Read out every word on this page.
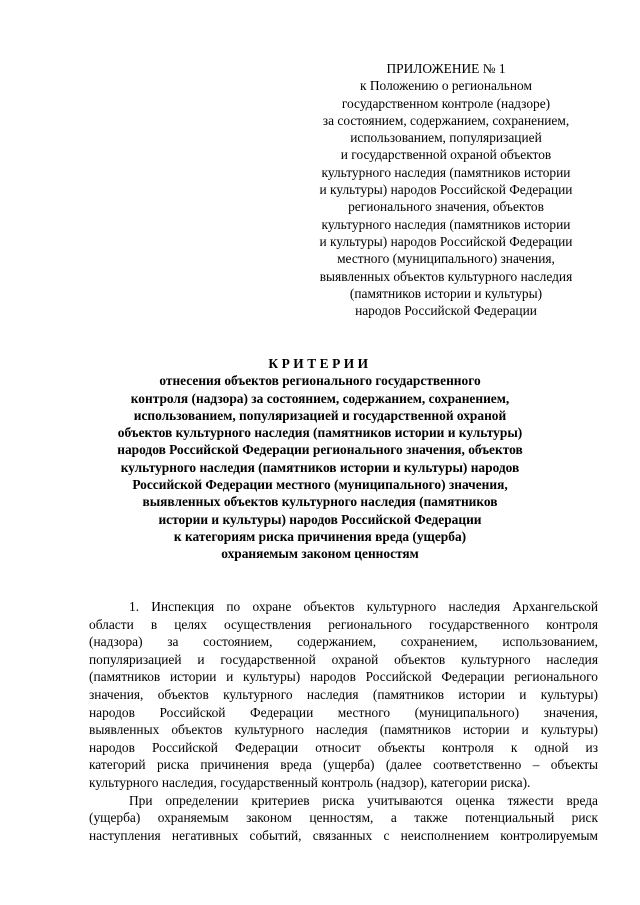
ПРИЛОЖЕНИЕ № 1
к Положению о региональном
государственном контроле (надзоре)
за состоянием, содержанием, сохранением,
использованием, популяризацией
и государственной охраной объектов
культурного наследия (памятников истории
и культуры) народов Российской Федерации
регионального значения, объектов
культурного наследия (памятников истории
и культуры) народов Российской Федерации
местного (муниципального) значения,
выявленных объектов культурного наследия
(памятников истории и культуры)
народов Российской Федерации
КРИТЕРИИ
отнесения объектов регионального государственного
контроля (надзора) за состоянием, содержанием, сохранением,
использованием, популяризацией и государственной охраной
объектов культурного наследия (памятников истории и культуры)
народов Российской Федерации регионального значения, объектов
культурного наследия (памятников истории и культуры) народов
Российской Федерации местного (муниципального) значения,
выявленных объектов культурного наследия (памятников
истории и культуры) народов Российской Федерации
к категориям риска причинения вреда (ущерба)
охраняемым законом ценностям
1. Инспекция по охране объектов культурного наследия Архангельской
области в целях осуществления регионального государственного контроля
(надзора) за состоянием, содержанием, сохранением, использованием,
популяризацией и государственной охраной объектов культурного наследия
(памятников истории и культуры) народов Российской Федерации регионального
значения, объектов культурного наследия (памятников истории и культуры)
народов Российской Федерации местного (муниципального) значения,
выявленных объектов культурного наследия (памятников истории и культуры)
народов Российской Федерации относит объекты контроля к одной из
категорий риска причинения вреда (ущерба) (далее соответственно – объекты
культурного наследия, государственный контроль (надзор), категории риска).
При определении критериев риска учитываются оценка тяжести вреда
(ущерба) охраняемым законом ценностям, а также потенциальный риск
наступления негативных событий, связанных с неисполнением контролируемым
